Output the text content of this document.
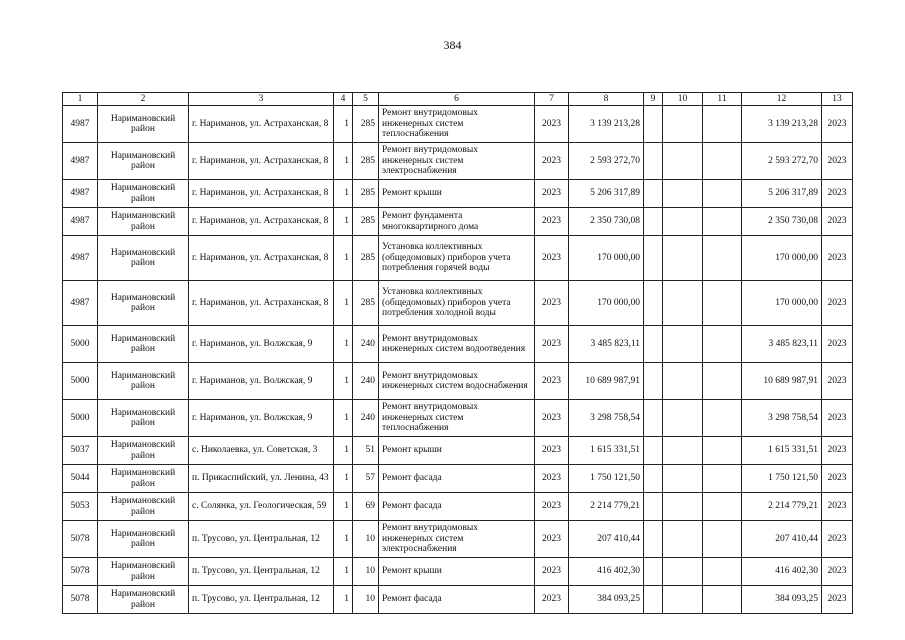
384
1	2	3	4	5	6	7	8	9	10	11	12	13
4987	Наримановский район	г. Нариманов, ул. Астраханская, 8	1	285	Ремонт внутридомовых инженерных систем теплоснабжения	2023	3 139 213,28				3 139 213,28	2023
4987	Наримановский район	г. Нариманов, ул. Астраханская, 8	1	285	Ремонт внутридомовых инженерных систем электроснабжения	2023	2 593 272,70				2 593 272,70	2023
4987	Наримановский район	г. Нариманов, ул. Астраханская, 8	1	285	Ремонт крыши	2023	5 206 317,89				5 206 317,89	2023
4987	Наримановский район	г. Нариманов, ул. Астраханская, 8	1	285	Ремонт фундамента многоквартирного дома	2023	2 350 730,08				2 350 730,08	2023
4987	Наримановский район	г. Нариманов, ул. Астраханская, 8	1	285	Установка коллективных (общедомовых) приборов учета потребления горячей воды	2023	170 000,00				170 000,00	2023
4987	Наримановский район	г. Нариманов, ул. Астраханская, 8	1	285	Установка коллективных (общедомовых) приборов учета потребления холодной воды	2023	170 000,00				170 000,00	2023
5000	Наримановский район	г. Нариманов, ул. Волжская, 9	1	240	Ремонт внутридомовых инженерных систем водоотведения	2023	3 485 823,11				3 485 823,11	2023
5000	Наримановский район	г. Нариманов, ул. Волжская, 9	1	240	Ремонт внутридомовых инженерных систем водоснабжения	2023	10 689 987,91				10 689 987,91	2023
5000	Наримановский район	г. Нариманов, ул. Волжская, 9	1	240	Ремонт внутридомовых инженерных систем теплоснабжения	2023	3 298 758,54				3 298 758,54	2023
5037	Наримановский район	с. Николаевка, ул. Советская, 3	1	51	Ремонт крыши	2023	1 615 331,51				1 615 331,51	2023
5044	Наримановский район	п. Прикаспийский, ул. Ленина, 43	1	57	Ремонт фасада	2023	1 750 121,50				1 750 121,50	2023
5053	Наримановский район	с. Солянка, ул. Геологическая, 59	1	69	Ремонт фасада	2023	2 214 779,21				2 214 779,21	2023
5078	Наримановский район	п. Трусово, ул. Центральная, 12	1	10	Ремонт внутридомовых инженерных систем электроснабжения	2023	207 410,44				207 410,44	2023
5078	Наримановский район	п. Трусово, ул. Центральная, 12	1	10	Ремонт крыши	2023	416 402,30				416 402,30	2023
5078	Наримановский район	п. Трусово, ул. Центральная, 12	1	10	Ремонт фасада	2023	384 093,25				384 093,25	2023
